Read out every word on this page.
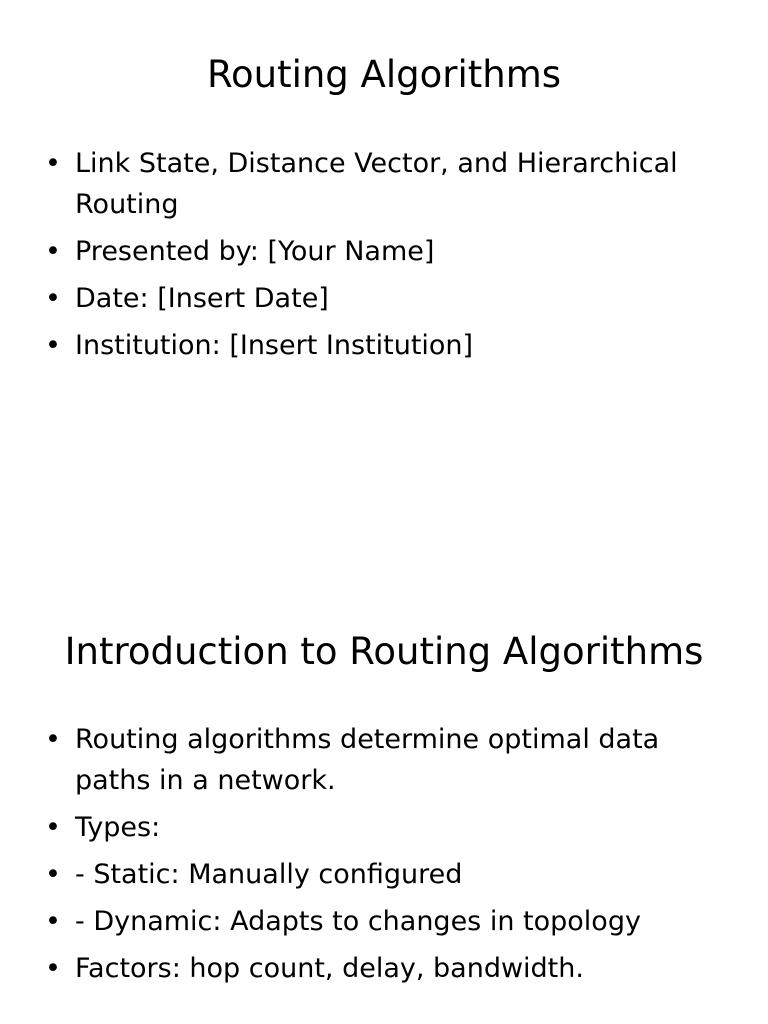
Routing Algorithms
• Link State, Distance Vector, and Hierarchical Routing
• Presented by: [Your Name]
• Date: [Insert Date]
• Institution: [Insert Institution]
Introduction to Routing Algorithms
• Routing algorithms determine optimal data paths in a network.
• Types:
• - Static: Manually configured
• - Dynamic: Adapts to changes in topology
• Factors: hop count, delay, bandwidth.
